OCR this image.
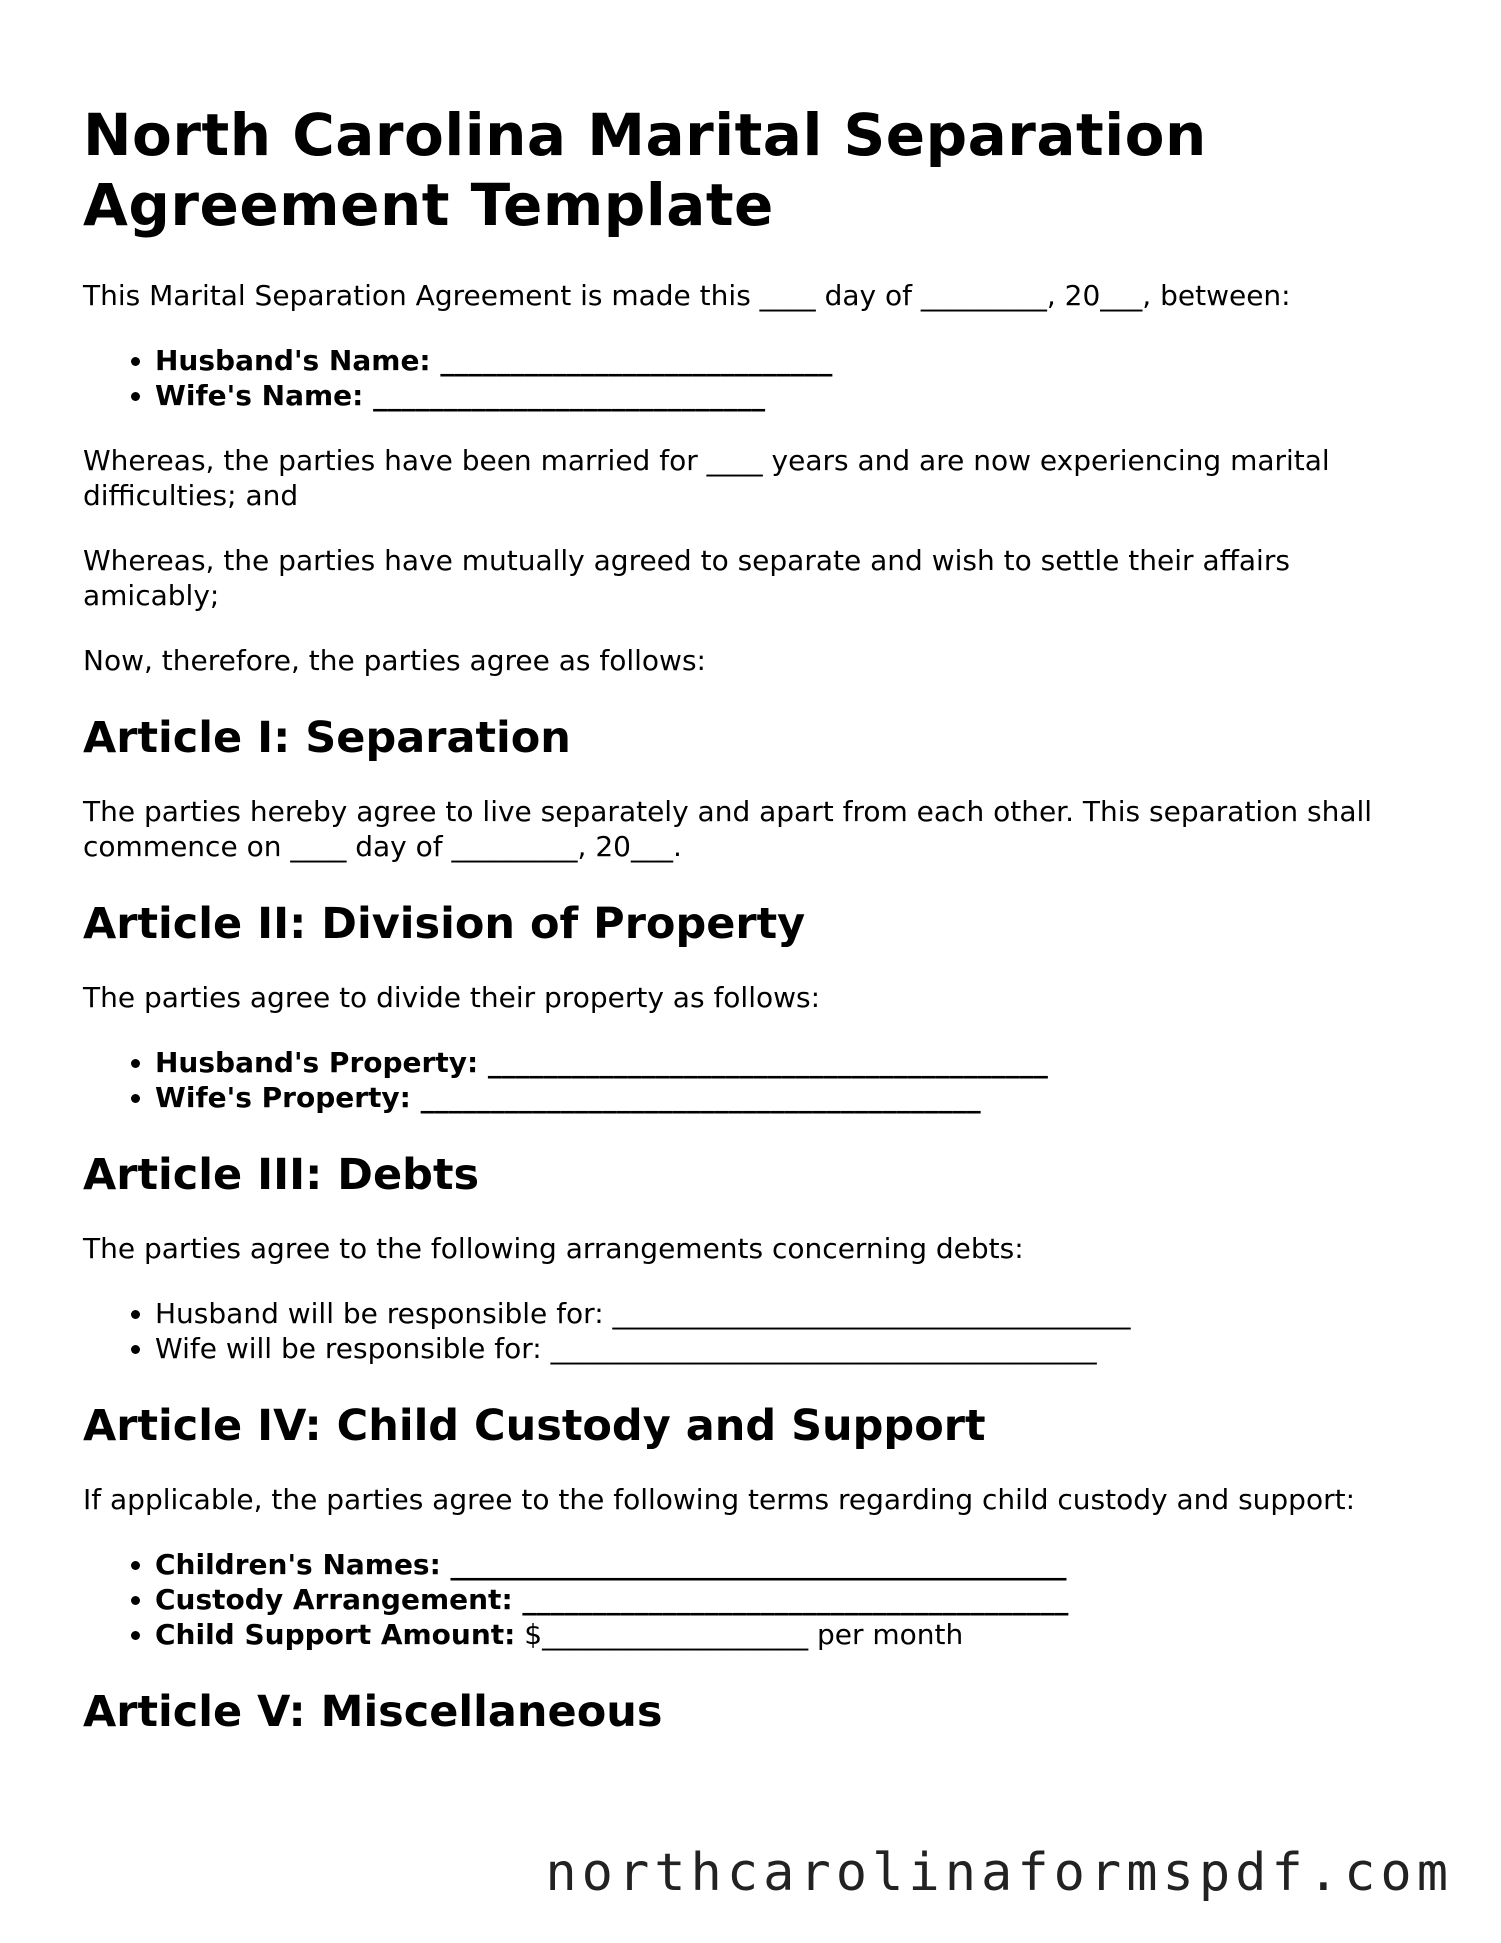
North Carolina Marital Separation Agreement Template

This Marital Separation Agreement is made this ____ day of _________, 20___, between:

• Husband's Name: ____________________________
• Wife's Name: ____________________________

Whereas, the parties have been married for ____ years and are now experiencing marital difficulties; and

Whereas, the parties have mutually agreed to separate and wish to settle their affairs amicably;

Now, therefore, the parties agree as follows:

Article I: Separation

The parties hereby agree to live separately and apart from each other. This separation shall commence on ____ day of _________, 20___.

Article II: Division of Property

The parties agree to divide their property as follows:

• Husband's Property: ________________________________________
• Wife's Property: ________________________________________
Article III: Debts

The parties agree to the following arrangements concerning debts:

• Husband will be responsible for: _____________________________________
• Wife will be responsible for: _______________________________________
Article IV: Child Custody and Support

If applicable, the parties agree to the following terms regarding child custody and support:

• Children's Names: ____________________________________________
• Custody Arrangement: _______________________________________
• Child Support Amount: $___________________ per month
Article V: Miscellaneous
northcarolinaformspdf.com
